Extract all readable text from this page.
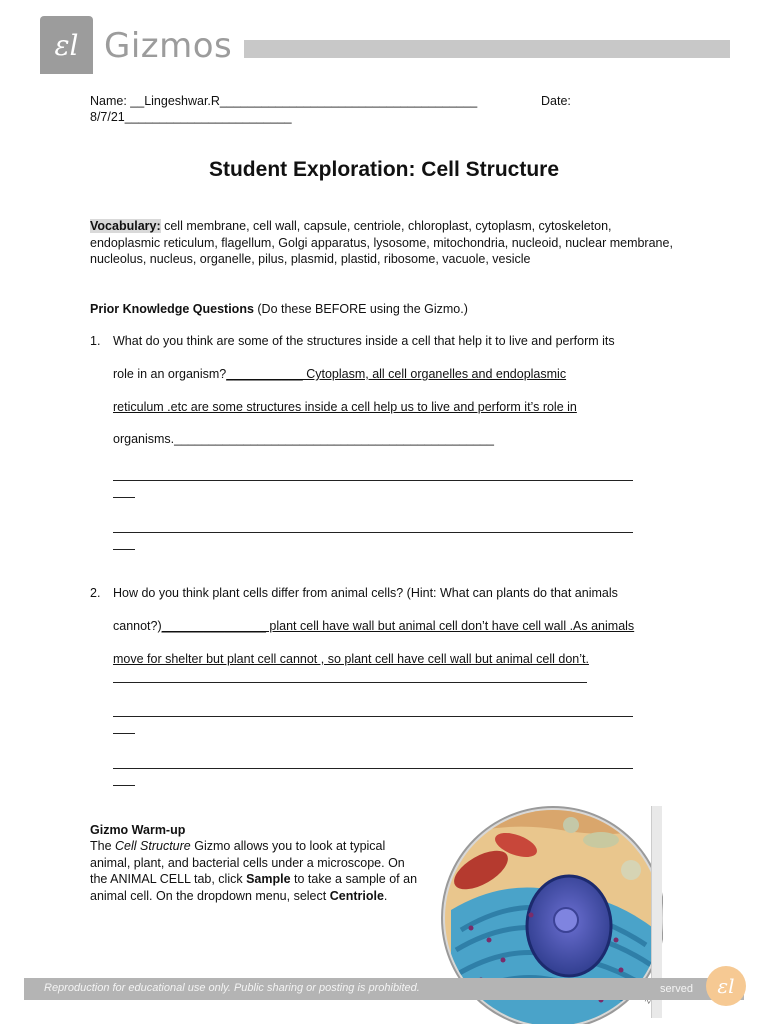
ɛl Gizmos
Name: __Lingeshwar.R_____________________________________	Date:
8/7/21________________________
Student Exploration: Cell Structure
Vocabulary: cell membrane, cell wall, capsule, centriole, chloroplast, cytoplasm, cytoskeleton, endoplasmic reticulum, flagellum, Golgi apparatus, lysosome, mitochondria, nucleoid, nuclear membrane, nucleolus, nucleus, organelle, pilus, plasmid, plastid, ribosome, vacuole, vesicle
Prior Knowledge Questions (Do these BEFORE using the Gizmo.)
1. What do you think are some of the structures inside a cell that help it to live and perform its
role in an organism?___________ Cytoplasm, all cell organelles and endoplasmic
reticulum .etc are some structures inside a cell help us to live and perform it’s role in
organisms.______________________________________________
2. How do you think plant cells differ from animal cells? (Hint: What can plants do that animals
cannot?)_______________ plant cell have wall but animal cell don’t have cell wall .As animals
move for shelter but plant cell cannot , so plant cell have cell wall but animal cell don’t.
Gizmo Warm-up
The Cell Structure Gizmo allows you to look at typical animal, plant, and bacterial cells under a microscope. On the ANIMAL CELL tab, click Sample to take a sample of an animal cell. On the dropdown menu, select Centriole.
Reproduction for educational use only. Public sharing or posting is prohibited.	served ɛl
